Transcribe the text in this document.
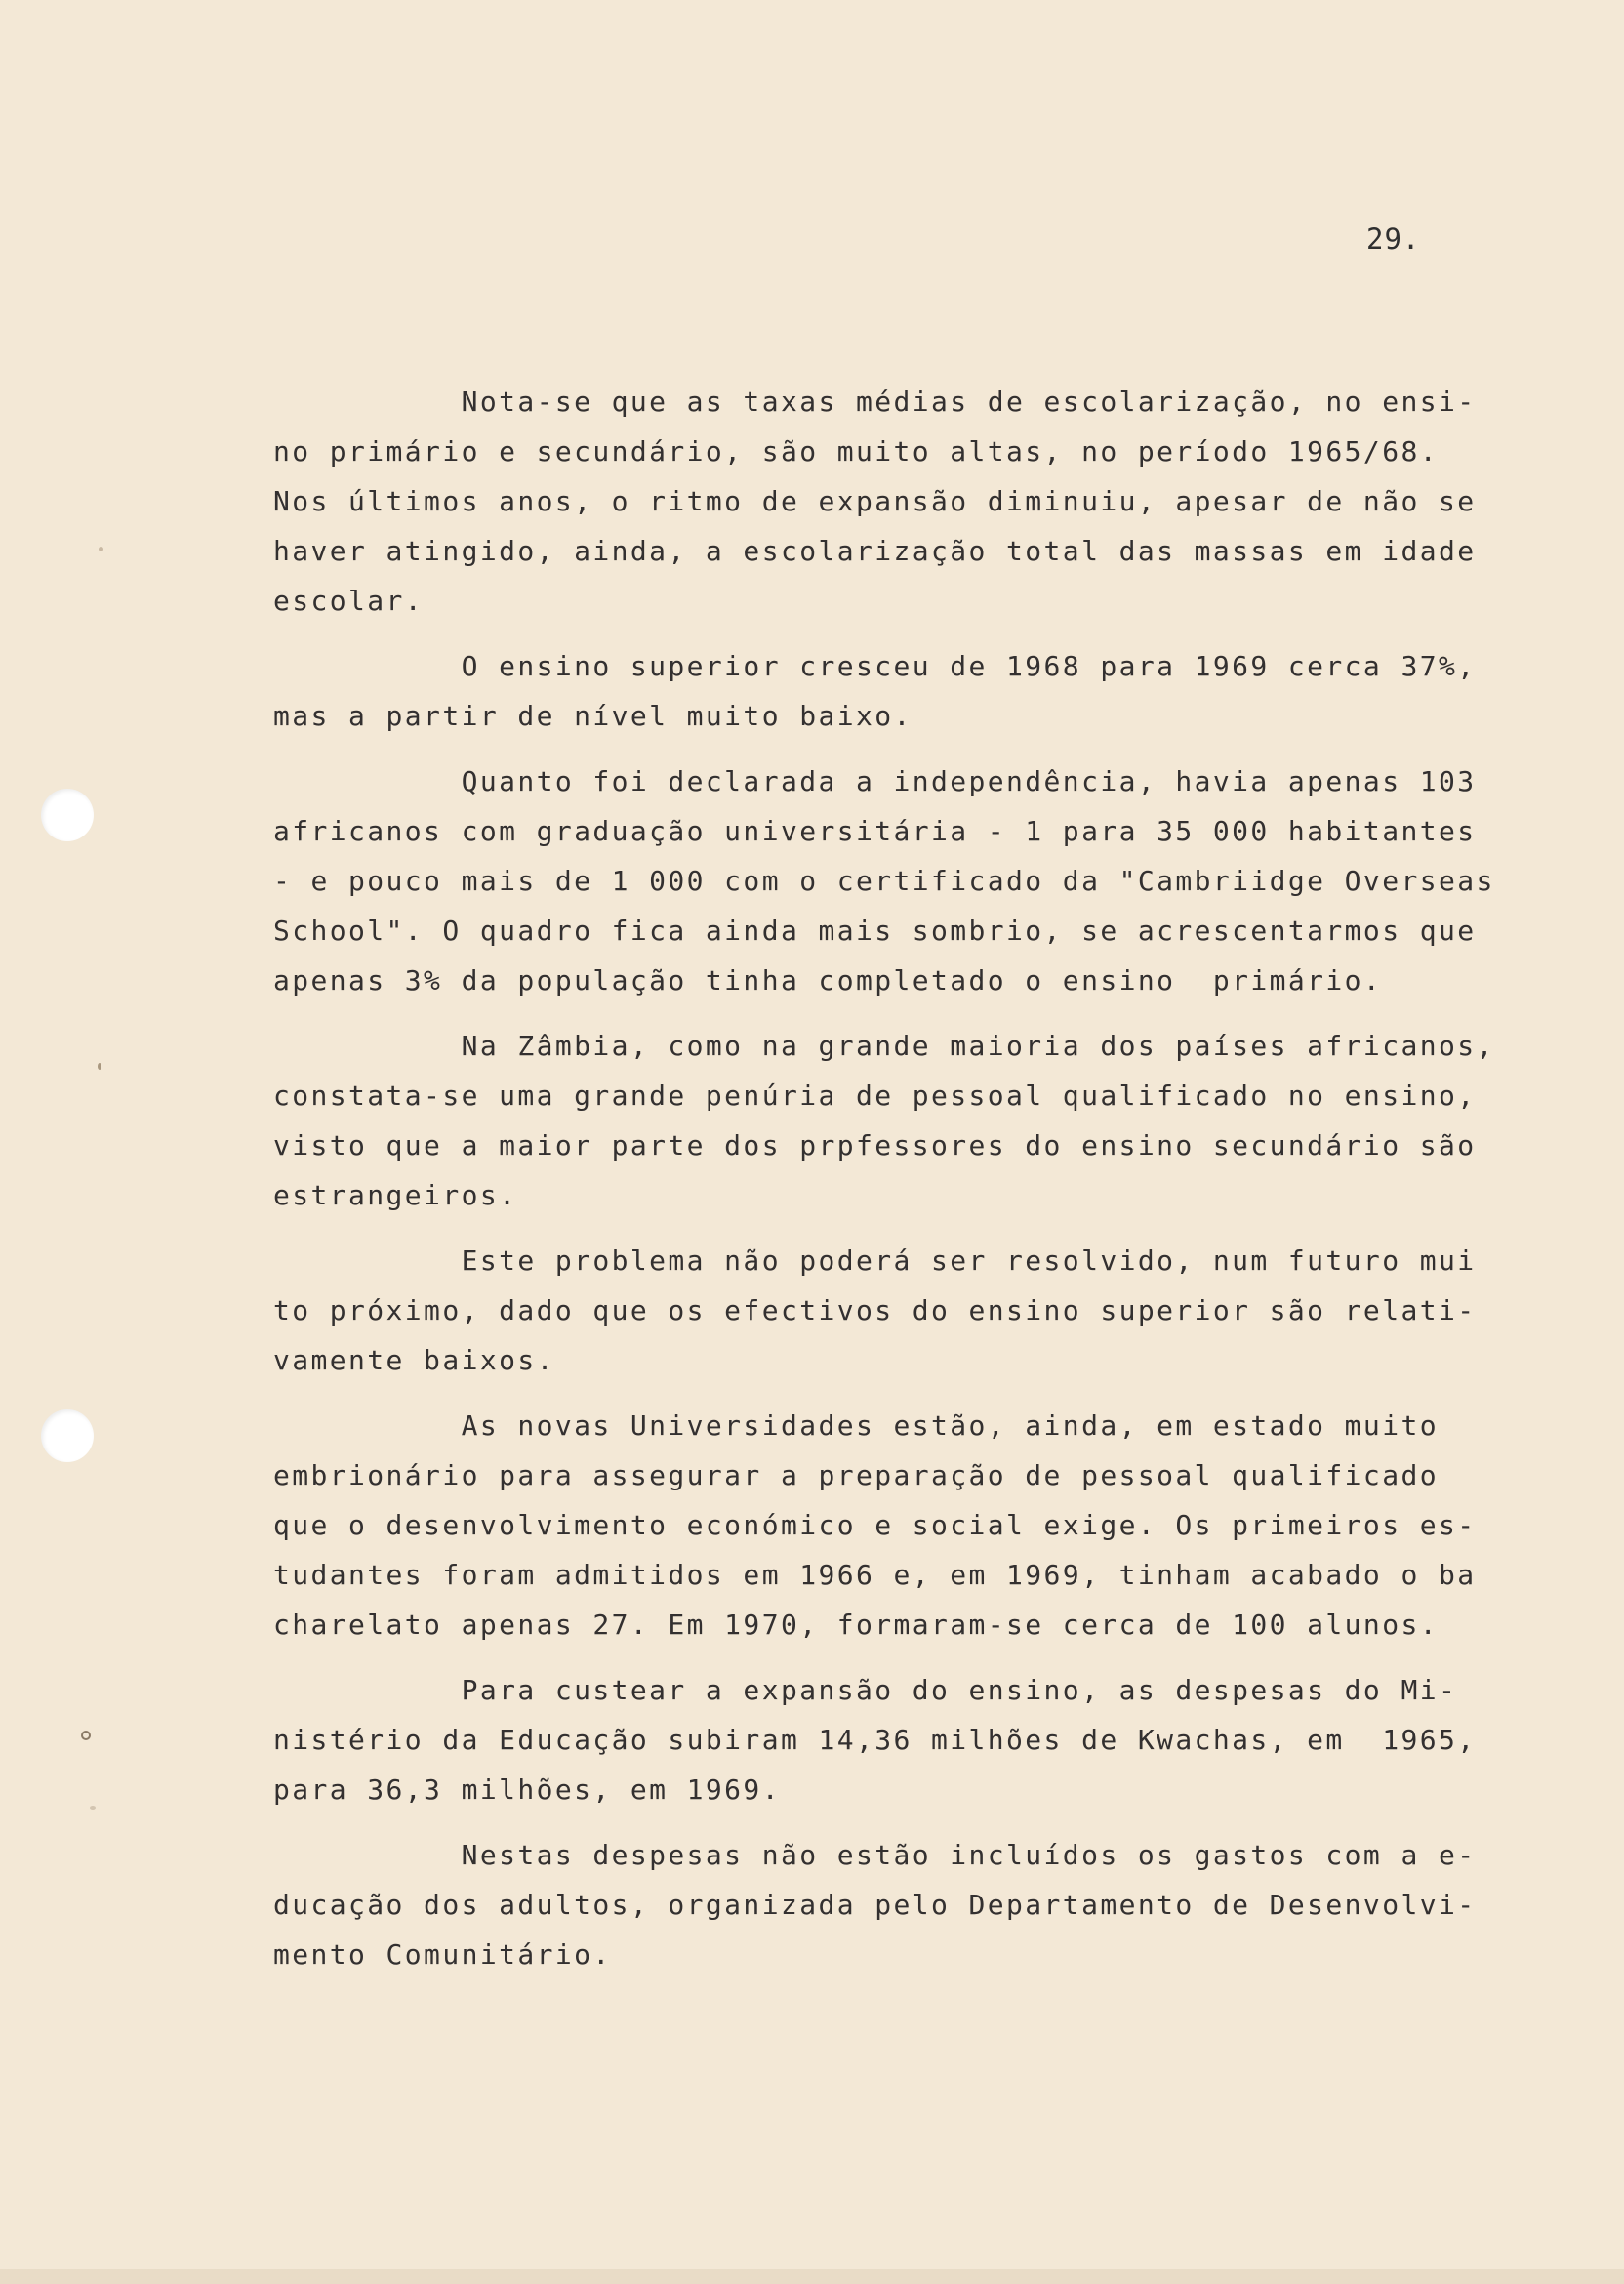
29.
Nota-se que as taxas médias de escolarização, no ensi-
no primário e secundário, são muito altas, no período 1965/68.
Nos últimos anos, o ritmo de expansão diminuiu, apesar de não se
haver atingido, ainda, a escolarização total das massas em idade
escolar.
O ensino superior cresceu de 1968 para 1969 cerca 37%,
mas a partir de nível muito baixo.
Quanto foi declarada a independência, havia apenas 103
africanos com graduação universitária - 1 para 35 000 habitantes
- e pouco mais de 1 000 com o certificado da "Cambriidge Overseas
School". O quadro fica ainda mais sombrio, se acrescentarmos que
apenas 3% da população tinha completado o ensino  primário.
Na Zâmbia, como na grande maioria dos países africanos,
constata-se uma grande penúria de pessoal qualificado no ensino,
visto que a maior parte dos prpfessores do ensino secundário são
estrangeiros.
Este problema não poderá ser resolvido, num futuro mui
to próximo, dado que os efectivos do ensino superior são relati-
vamente baixos.
As novas Universidades estão, ainda, em estado muito
embrionário para assegurar a preparação de pessoal qualificado
que o desenvolvimento económico e social exige. Os primeiros es-
tudantes foram admitidos em 1966 e, em 1969, tinham acabado o ba
charelato apenas 27. Em 1970, formaram-se cerca de 100 alunos.
Para custear a expansão do ensino, as despesas do Mi-
nistério da Educação subiram 14,36 milhões de Kwachas, em  1965,
para 36,3 milhões, em 1969.
Nestas despesas não estão incluídos os gastos com a e-
ducação dos adultos, organizada pelo Departamento de Desenvolvi-
mento Comunitário.
